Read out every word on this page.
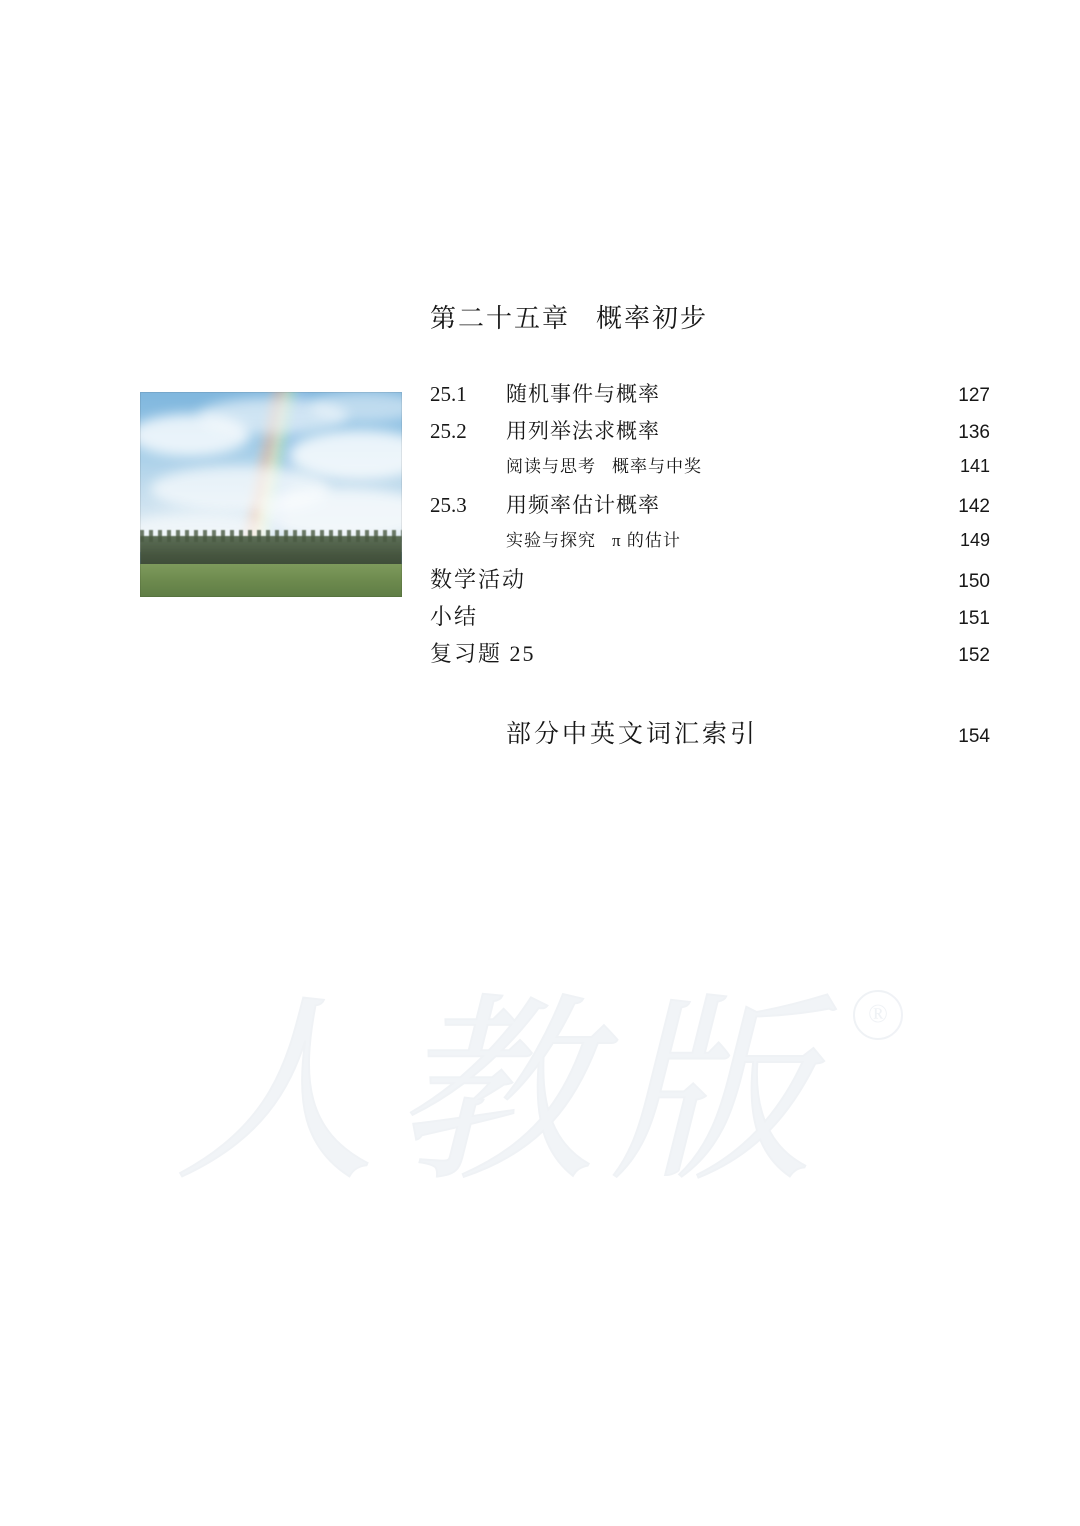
第二十五章 概率初步
25.1	随机事件与概率	127
25.2	用列举法求概率	136
阅读与思考 概率与中奖	141
25.3	用频率估计概率	142
实验与探究 π 的估计	149
数学活动	150
小结	151
复习题 25	152
部分中英文词汇索引	154
人教版	®
